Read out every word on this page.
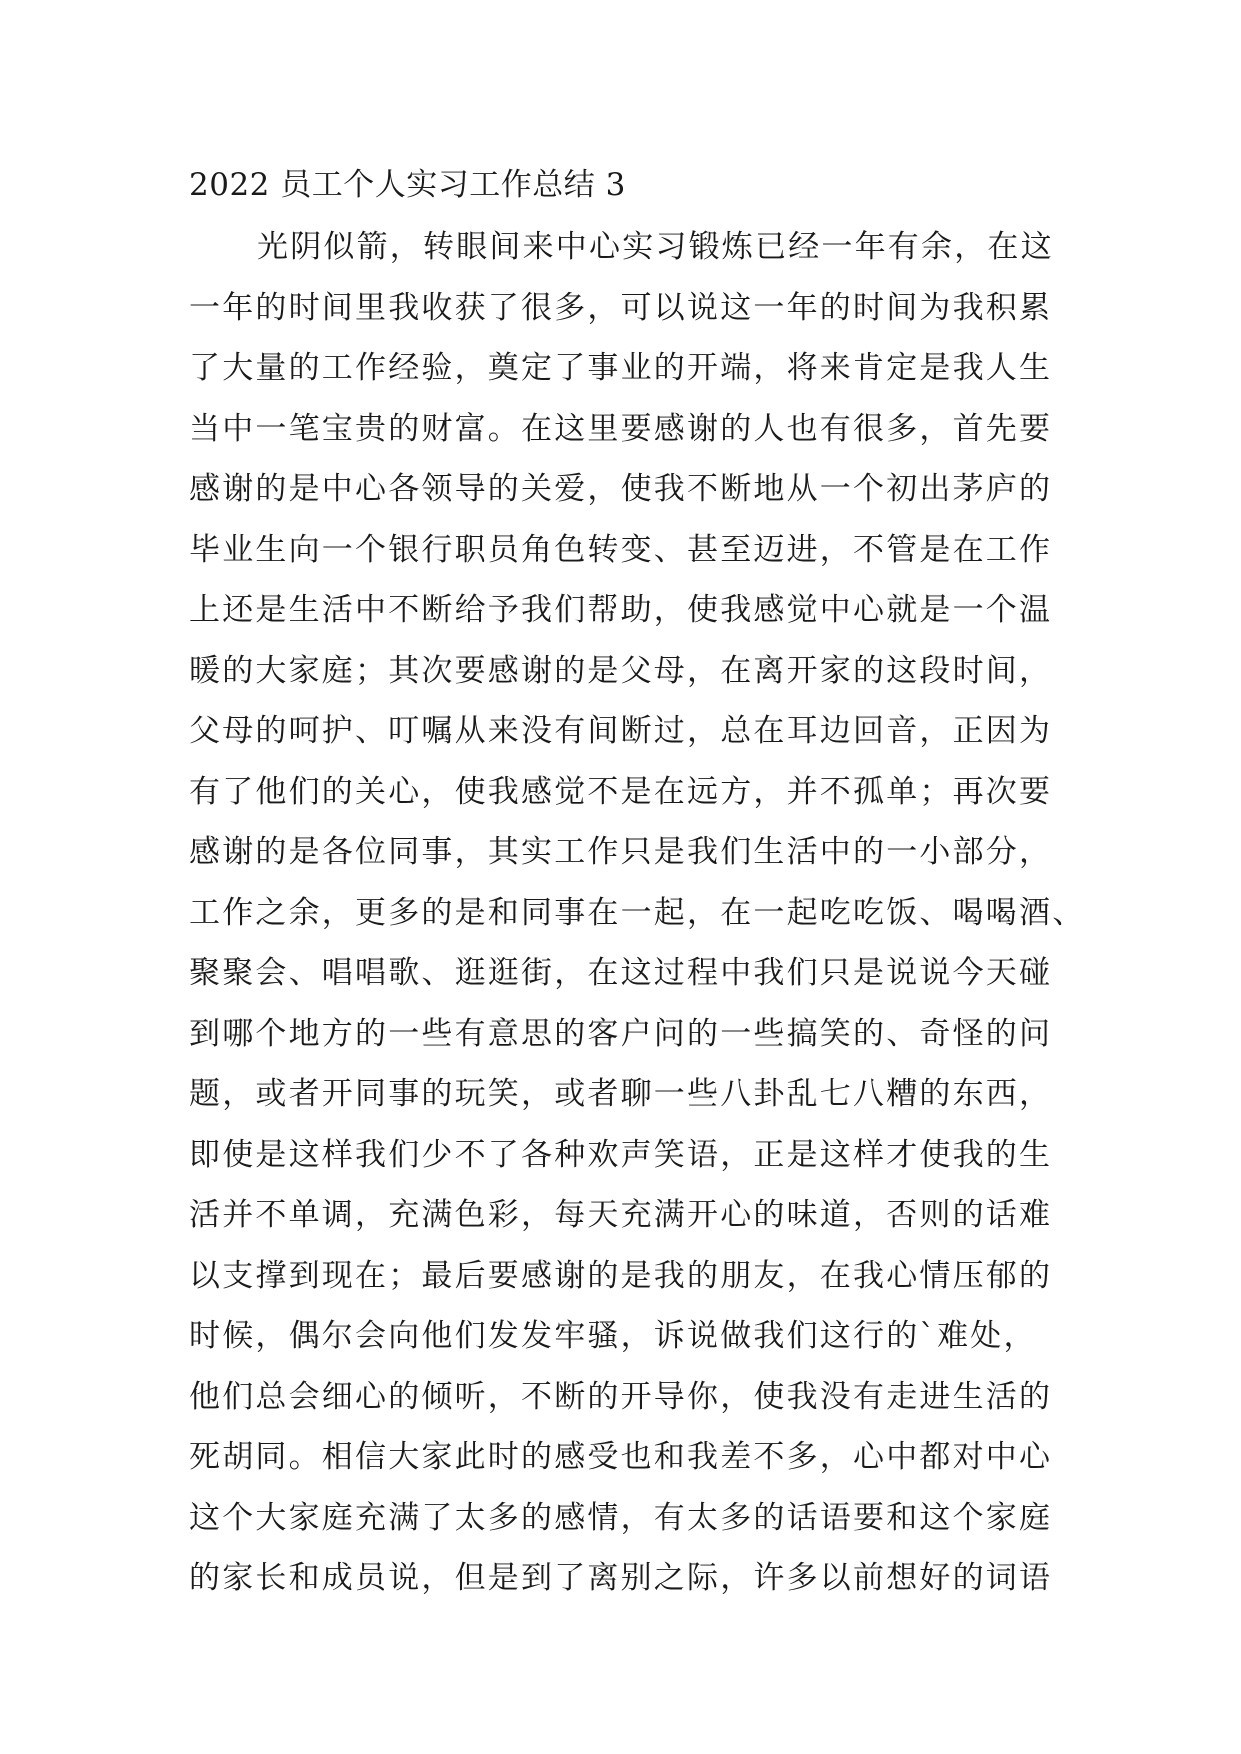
2022 员工个人实习工作总结 3
光阴似箭，转眼间来中心实习锻炼已经一年有余，在这
一年的时间里我收获了很多，可以说这一年的时间为我积累
了大量的工作经验，奠定了事业的开端，将来肯定是我人生
当中一笔宝贵的财富。在这里要感谢的人也有很多，首先要
感谢的是中心各领导的关爱，使我不断地从一个初出茅庐的
毕业生向一个银行职员角色转变、甚至迈进，不管是在工作
上还是生活中不断给予我们帮助，使我感觉中心就是一个温
暖的大家庭；其次要感谢的是父母，在离开家的这段时间，
父母的呵护、叮嘱从来没有间断过，总在耳边回音，正因为
有了他们的关心，使我感觉不是在远方，并不孤单；再次要
感谢的是各位同事，其实工作只是我们生活中的一小部分，
工作之余，更多的是和同事在一起，在一起吃吃饭、喝喝酒、
聚聚会、唱唱歌、逛逛街，在这过程中我们只是说说今天碰
到哪个地方的一些有意思的客户问的一些搞笑的、奇怪的问
题，或者开同事的玩笑，或者聊一些八卦乱七八糟的东西，
即使是这样我们少不了各种欢声笑语，正是这样才使我的生
活并不单调，充满色彩，每天充满开心的味道，否则的话难
以支撑到现在；最后要感谢的是我的朋友，在我心情压郁的
时候，偶尔会向他们发发牢骚，诉说做我们这行的`难处，
他们总会细心的倾听，不断的开导你，使我没有走进生活的
死胡同。相信大家此时的感受也和我差不多，心中都对中心
这个大家庭充满了太多的感情，有太多的话语要和这个家庭
的家长和成员说，但是到了离别之际，许多以前想好的词语
